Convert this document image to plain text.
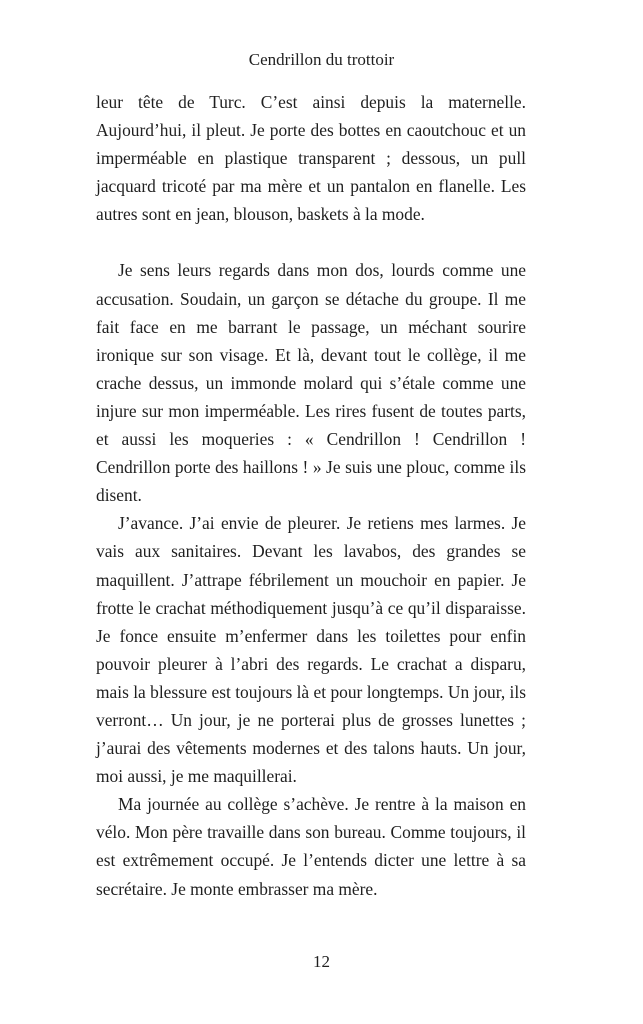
Cendrillon du trottoir

leur tête de Turc. C’est ainsi depuis la maternelle. Aujourd’hui, il pleut. Je porte des bottes en caoutchouc et un imperméable en plastique transparent ; dessous, un pull jacquard tricoté par ma mère et un pantalon en flanelle. Les autres sont en jean, blouson, baskets à la mode.

Je sens leurs regards dans mon dos, lourds comme une accusation. Soudain, un garçon se détache du groupe. Il me fait face en me barrant le passage, un méchant sourire ironique sur son visage. Et là, devant tout le collège, il me crache dessus, un immonde molard qui s’étale comme une injure sur mon imperméable. Les rires fusent de toutes parts, et aussi les moqueries : « Cendrillon ! Cendrillon ! Cendrillon porte des haillons ! » Je suis une plouc, comme ils disent.

J’avance. J’ai envie de pleurer. Je retiens mes larmes. Je vais aux sanitaires. Devant les lavabos, des grandes se maquillent. J’attrape fébrilement un mouchoir en papier. Je frotte le crachat méthodiquement jusqu’à ce qu’il disparaisse. Je fonce ensuite m’enfermer dans les toilettes pour enfin pouvoir pleurer à l’abri des regards. Le crachat a disparu, mais la blessure est toujours là et pour longtemps. Un jour, ils verront… Un jour, je ne porterai plus de grosses lunettes ; j’aurai des vêtements modernes et des talons hauts. Un jour, moi aussi, je me maquillerai.

Ma journée au collège s’achève. Je rentre à la maison en vélo. Mon père travaille dans son bureau. Comme toujours, il est extrêmement occupé. Je l’entends dicter une lettre à sa secrétaire. Je monte embrasser ma mère.

12
